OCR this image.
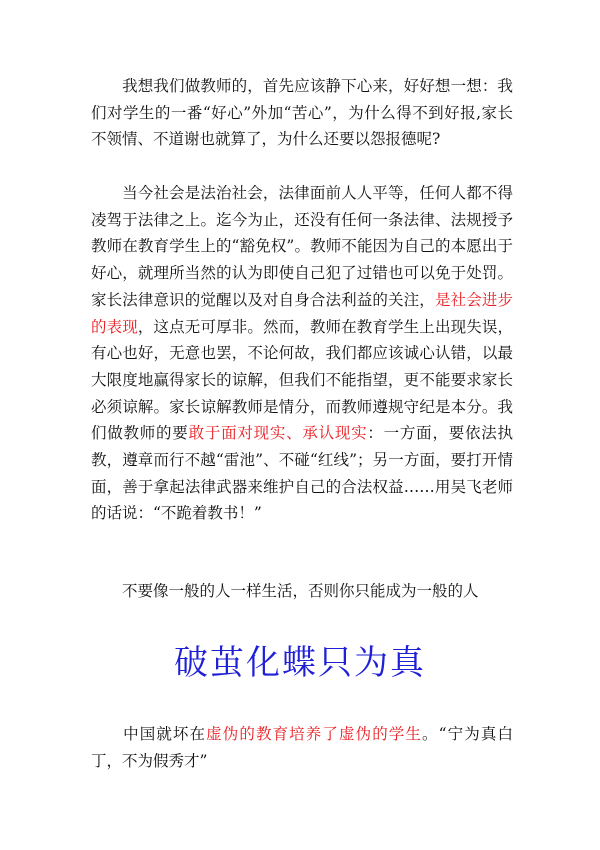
我想我们做教师的，首先应该静下心来，好好想一想：我们对学生的一番“好心”外加“苦心”，为什么得不到好报,家长不领情、不道谢也就算了，为什么还要以怨报德呢?

当今社会是法治社会，法律面前人人平等，任何人都不得凌驾于法律之上。迄今为止，还没有任何一条法律、法规授予教师在教育学生上的“豁免权”。教师不能因为自己的本愿出于好心，就理所当然的认为即使自己犯了过错也可以免于处罚。家长法律意识的觉醒以及对自身合法利益的关注，是社会进步的表现，这点无可厚非。然而，教师在教育学生上出现失误，有心也好，无意也罢，不论何故，我们都应该诚心认错，以最大限度地赢得家长的谅解，但我们不能指望，更不能要求家长必须谅解。家长谅解教师是情分，而教师遵规守纪是本分。我们做教师的要敢于面对现实、承认现实：一方面，要依法执教，遵章而行不越“雷池”、不碰“红线”；另一方面，要打开情面，善于拿起法律武器来维护自己的合法权益……用吴飞老师的话说：“不跪着教书！”

不要像一般的人一样生活，否则你只能成为一般的人

破茧化蝶只为真

中国就坏在虚伪的教育培养了虚伪的学生。“宁为真白丁，不为假秀才”
